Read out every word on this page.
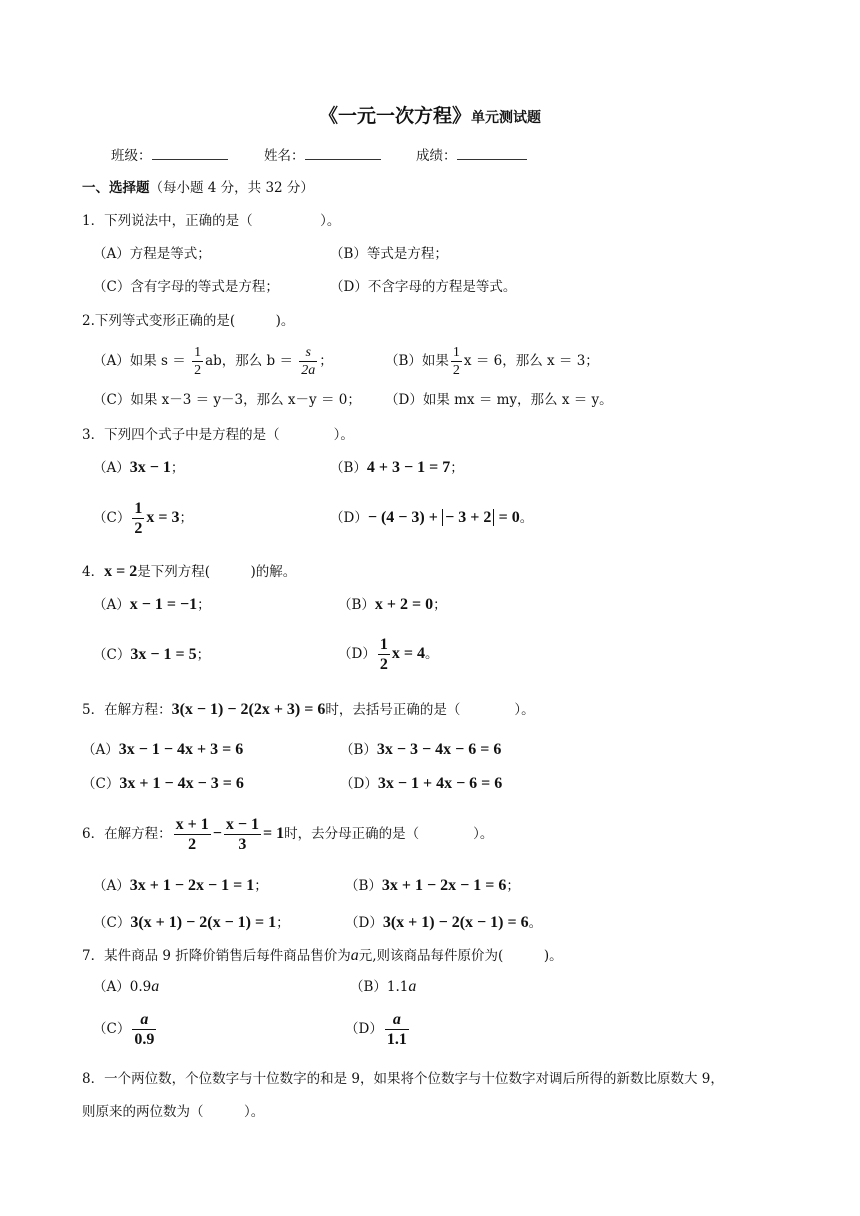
《一元一次方程》单元测试题
班级：	姓名：	成绩：
一、选择题（每小题 4 分，共 32 分）
1．下列说法中，正确的是（　　　　　）。
（A）方程是等式；	（B）等式是方程；
（C）含有字母的等式是方程；	（D）不含字母的方程是等式。
2.下列等式变形正确的是(　　　)。
（A）如果 $s = \frac{1}{2}$ ab，那么 $b = \frac{s}{2a}$ ；	（B）如果 $\frac{1}{2}$ x ＝ 6，那么 x ＝ 3；
（C）如果 x－3 ＝ y－3，那么 x－y ＝ 0； （D）如果 mx ＝ my，那么 x ＝ y。
3．下列四个式子中是方程的是（　　　　）。
（A）3x − 1；	（B）4 + 3 − 1 = 7；
$(C) \frac{1}{2}$ x = 3；	（D）− (4 − 3) + − 3 + 2 = 0。
4．x = 2是下列方程(　　　)的解。
（A）x − 1 = −1；	（B）x + 2 = 0；
（C）3x − 1 = 5；	$(D) \frac{1}{2}$ x = 4。
5．在解方程：3(x − 1) − 2(2x + 3) = 6时，去括号正确的是（　　　　）。
（A）3x − 1 − 4x + 3 = 6	（B）3x − 3 − 4x − 6 = 6
（C）3x + 1 − 4x − 3 = 6	（D）3x − 1 + 4x − 6 = 6
6．在解方程： $\frac{x + 1}{2} - \frac{x - 1}{3} = 1$时，去分母正确的是（　　　　）。
（A）3x + 1 − 2x − 1 = 1；	（B）3x + 1 − 2x − 1 = 6；
（C）3(x + 1) − 2(x − 1) = 1；	（D）3(x + 1) − 2(x − 1) = 6。
7．某件商品 9 折降价销售后每件商品售价为a元,则该商品每件原价为(　　　)。
（A）0.9a	（B）1.1a
$(C) \frac{a}{0.9}$	$(D) \frac{a}{1.1}$
8．一个两位数，个位数字与十位数字的和是 9，如果将个位数字与十位数字对调后所得的新数比原数大 9，
则原来的两位数为（　　　）。
